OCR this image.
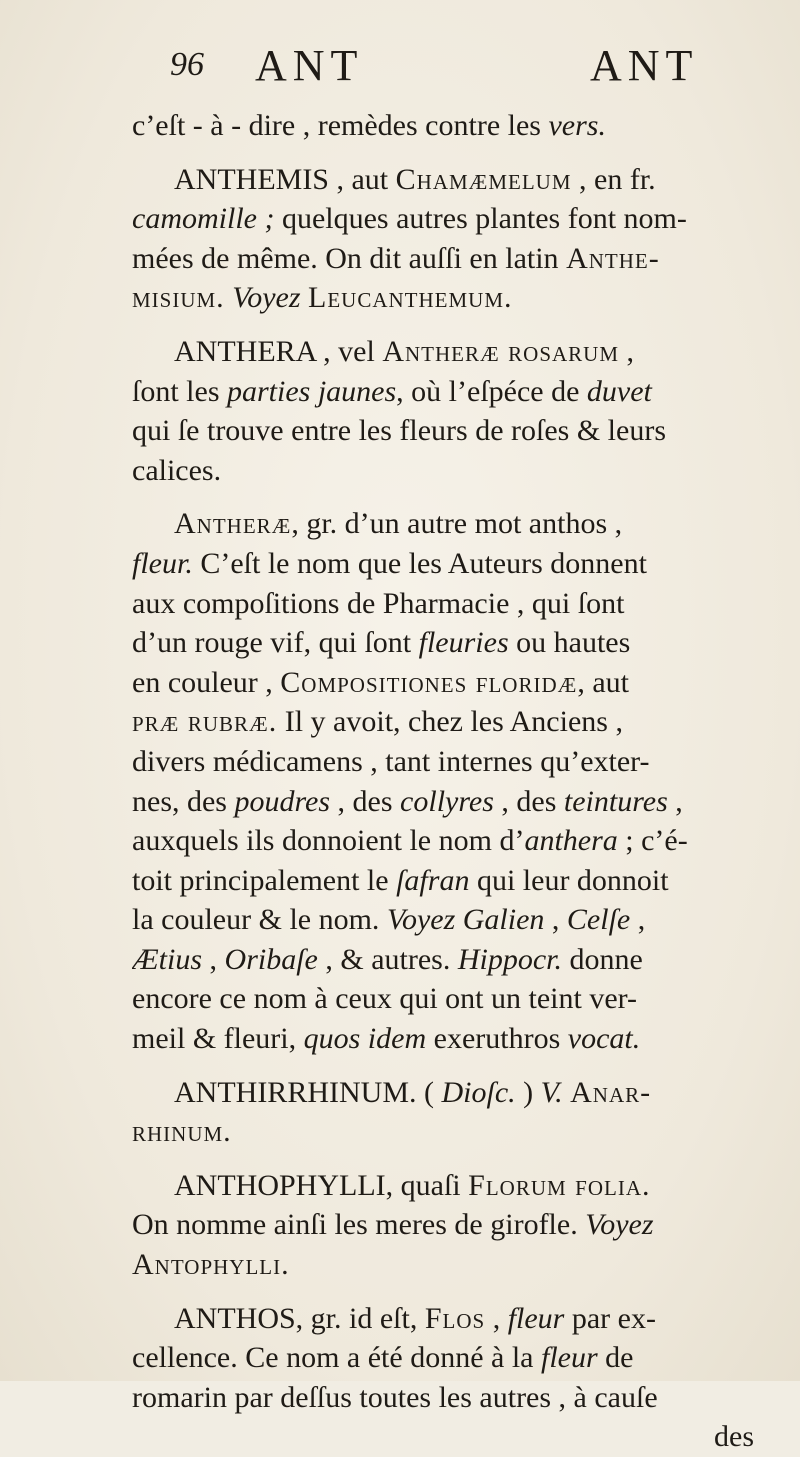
96 ANT	ANT
c’eſt - à - dire , remèdes contre les vers.
ANTHEMIS , aut Chamæmelum , en fr.
camomille ; quelques autres plantes font nom-
mées de même. On dit auſſi en latin Anthe-
misium. Voyez Leucanthemum.
ANTHERA , vel Antheræ rosarum ,
ſont les parties jaunes, où l’eſpéce de duvet
qui ſe trouve entre les fleurs de roſes & leurs
calices.
Antheræ, gr. d’un autre mot anthos ,
fleur. C’eſt le nom que les Auteurs donnent
aux compoſitions de Pharmacie , qui ſont
d’un rouge vif, qui ſont fleuries ou hautes
en couleur , Compositiones floridæ, aut
præ rubræ. Il y avoit, chez les Anciens ,
divers médicamens , tant internes qu’exter-
nes, des poudres , des collyres , des teintures ,
auxquels ils donnoient le nom d’anthera ; c’é-
toit principalement le ſafran qui leur donnoit
la couleur & le nom. Voyez Galien , Celſe ,
Ætius , Oribaſe , & autres. Hippocr. donne
encore ce nom à ceux qui ont un teint ver-
meil & fleuri, quos idem exeruthros vocat.
ANTHIRRHINUM. ( Dioſc. ) V. Anar-
rhinum.
ANTHOPHYLLI, quaſi Florum folia.
On nomme ainſi les meres de girofle. Voyez
Antophylli.
ANTHOS, gr. id eſt, Flos , fleur par ex-
cellence. Ce nom a été donné à la fleur de
romarin par deſſus toutes les autres , à cauſe
des
